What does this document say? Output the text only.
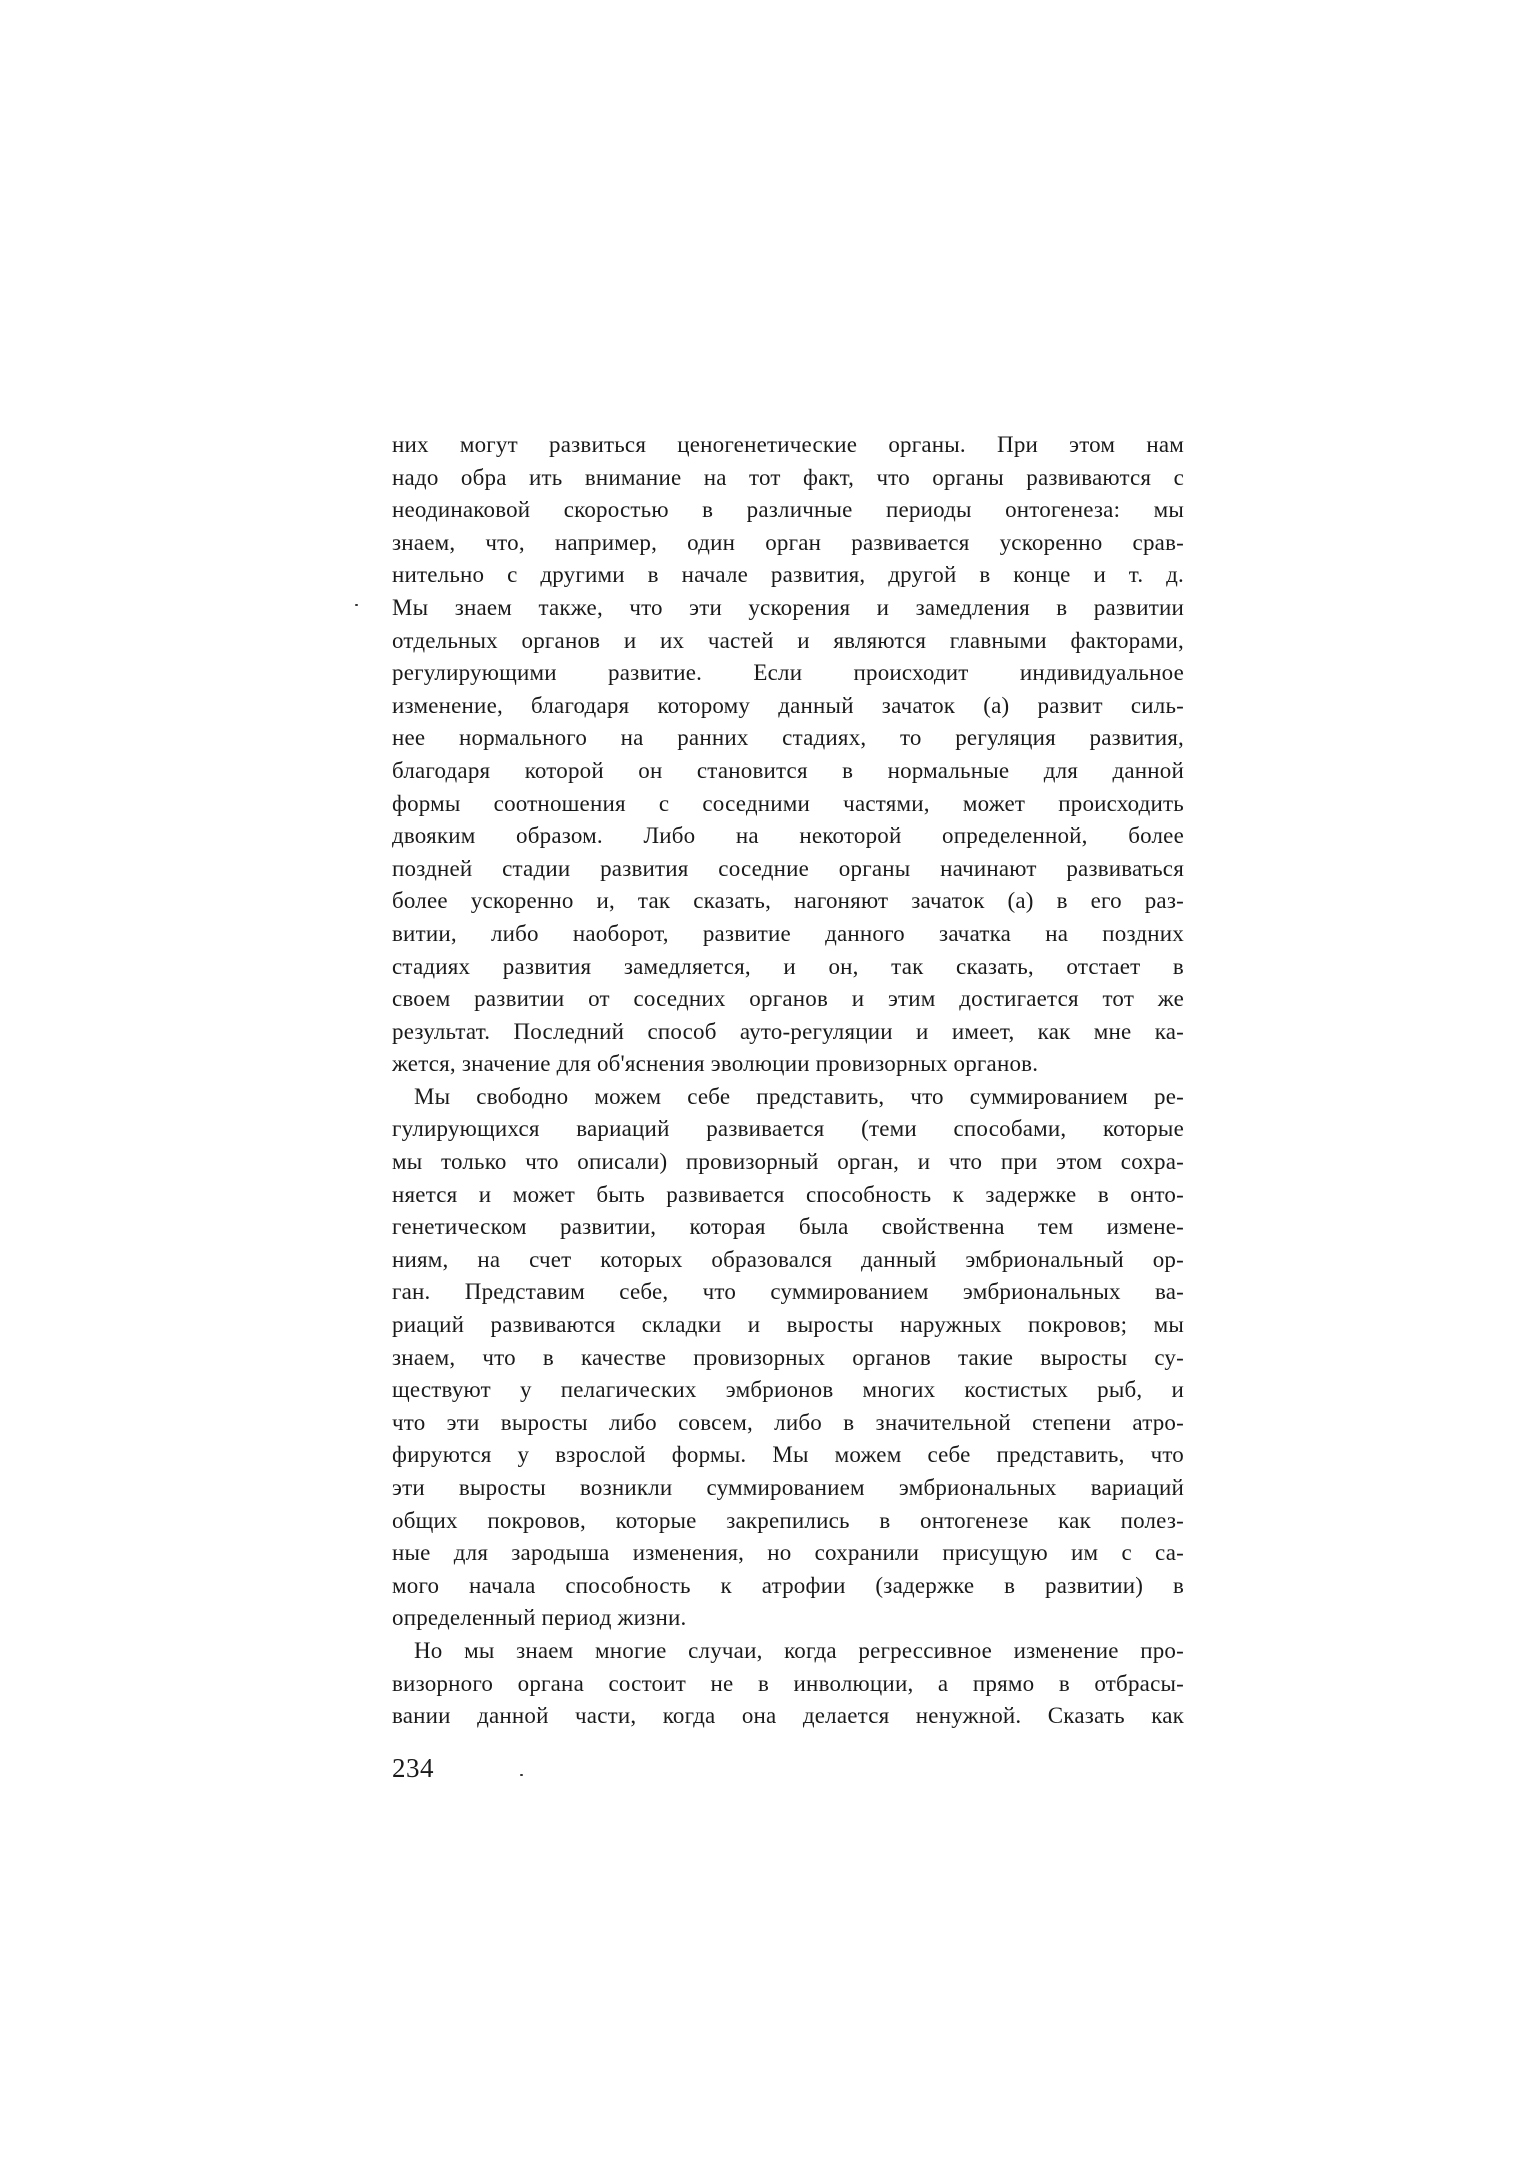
них могут развиться ценогенетические органы. При этом нам
надо обра ить внимание на тот факт, что органы развиваются с
неодинаковой скоростью в различные периоды онтогенеза: мы
знаем, что, например, один орган развивается ускоренно срав-
нительно с другими в начале развития, другой в конце и т. д.
Мы знаем также, что эти ускорения и замедления в развитии
отдельных органов и их частей и являются главными факторами,
регулирующими развитие. Если происходит индивидуальное
изменение, благодаря которому данный зачаток (а) развит силь-
нее нормального на ранних стадиях, то регуляция развития,
благодаря которой он становится в нормальные для данной
формы соотношения с соседними частями, может происходить
двояким образом. Либо на некоторой определенной, более
поздней стадии развития соседние органы начинают развиваться
более ускоренно и, так сказать, нагоняют зачаток (а) в его раз-
витии, либо наоборот, развитие данного зачатка на поздних
стадиях развития замедляется, и он, так сказать, отстает в
своем развитии от соседних органов и этим достигается тот же
результат. Последний способ ауто-регуляции и имеет, как мне ка-
жется, значение для об'яснения эволюции провизорных органов.
Мы свободно можем себе представить, что суммированием ре-
гулирующихся вариаций развивается (теми способами, которые
мы только что описали) провизорный орган, и что при этом сохра-
няется и может быть развивается способность к задержке в онто-
генетическом развитии, которая была свойственна тем измене-
ниям, на счет которых образовался данный эмбриональный ор-
ган. Представим себе, что суммированием эмбриональных ва-
риаций развиваются складки и выросты наружных покровов; мы
знаем, что в качестве провизорных органов такие выросты су-
ществуют у пелагических эмбрионов многих костистых рыб, и
что эти выросты либо совсем, либо в значительной степени атро-
фируются у взрослой формы. Мы можем себе представить, что
эти выросты возникли суммированием эмбриональных вариаций
общих покровов, которые закрепились в онтогенезе как полез-
ные для зародыша изменения, но сохранили присущую им с са-
мого начала способность к атрофии (задержке в развитии) в
определенный период жизни.
Но мы знаем многие случаи, когда регрессивное изменение про-
визорного органа состоит не в инволюции, а прямо в отбрасы-
вании данной части, когда она делается ненужной. Сказать как
234
